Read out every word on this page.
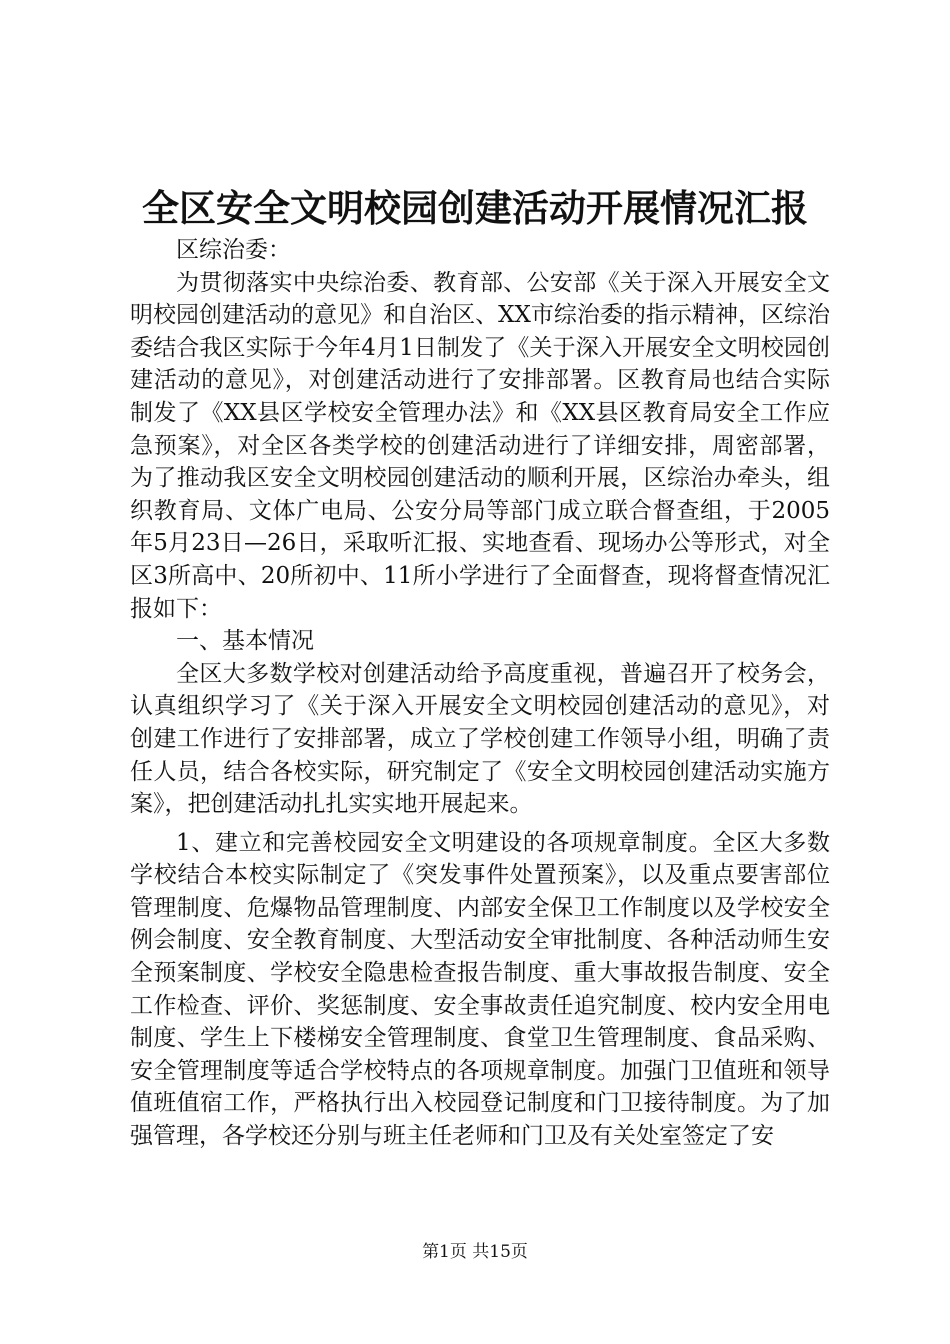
全区安全文明校园创建活动开展情况汇报

区综治委：

为贯彻落实中央综治委、教育部、公安部《关于深入开展安全文明校园创建活动的意见》和自治区、XX市综治委的指示精神，区综治委结合我区实际于今年4月1日制发了《关于深入开展安全文明校园创建活动的意见》，对创建活动进行了安排部署。区教育局也结合实际制发了《XX县区学校安全管理办法》和《XX县区教育局安全工作应急预案》，对全区各类学校的创建活动进行了详细安排，周密部署，为了推动我区安全文明校园创建活动的顺利开展，区综治办牵头，组织教育局、文体广电局、公安分局等部门成立联合督查组，于2005年5月23日—26日，采取听汇报、实地查看、现场办公等形式，对全区3所高中、20所初中、11所小学进行了全面督查，现将督查情况汇报如下：

一、基本情况

全区大多数学校对创建活动给予高度重视，普遍召开了校务会，认真组织学习了《关于深入开展安全文明校园创建活动的意见》，对创建工作进行了安排部署，成立了学校创建工作领导小组，明确了责任人员，结合各校实际，研究制定了《安全文明校园创建活动实施方案》，把创建活动扎扎实实地开展起来。

1、建立和完善校园安全文明建设的各项规章制度。全区大多数学校结合本校实际制定了《突发事件处置预案》，以及重点要害部位管理制度、危爆物品管理制度、内部安全保卫工作制度以及学校安全例会制度、安全教育制度、大型活动安全审批制度、各种活动师生安全预案制度、学校安全隐患检查报告制度、重大事故报告制度、安全工作检查、评价、奖惩制度、安全事故责任追究制度、校内安全用电制度、学生上下楼梯安全管理制度、食堂卫生管理制度、食品采购、安全管理制度等适合学校特点的各项规章制度。加强门卫值班和领导值班值宿工作，严格执行出入校园登记制度和门卫接待制度。为了加强管理，各学校还分别与班主任老师和门卫及有关处室签定了安

第1页 共15页
